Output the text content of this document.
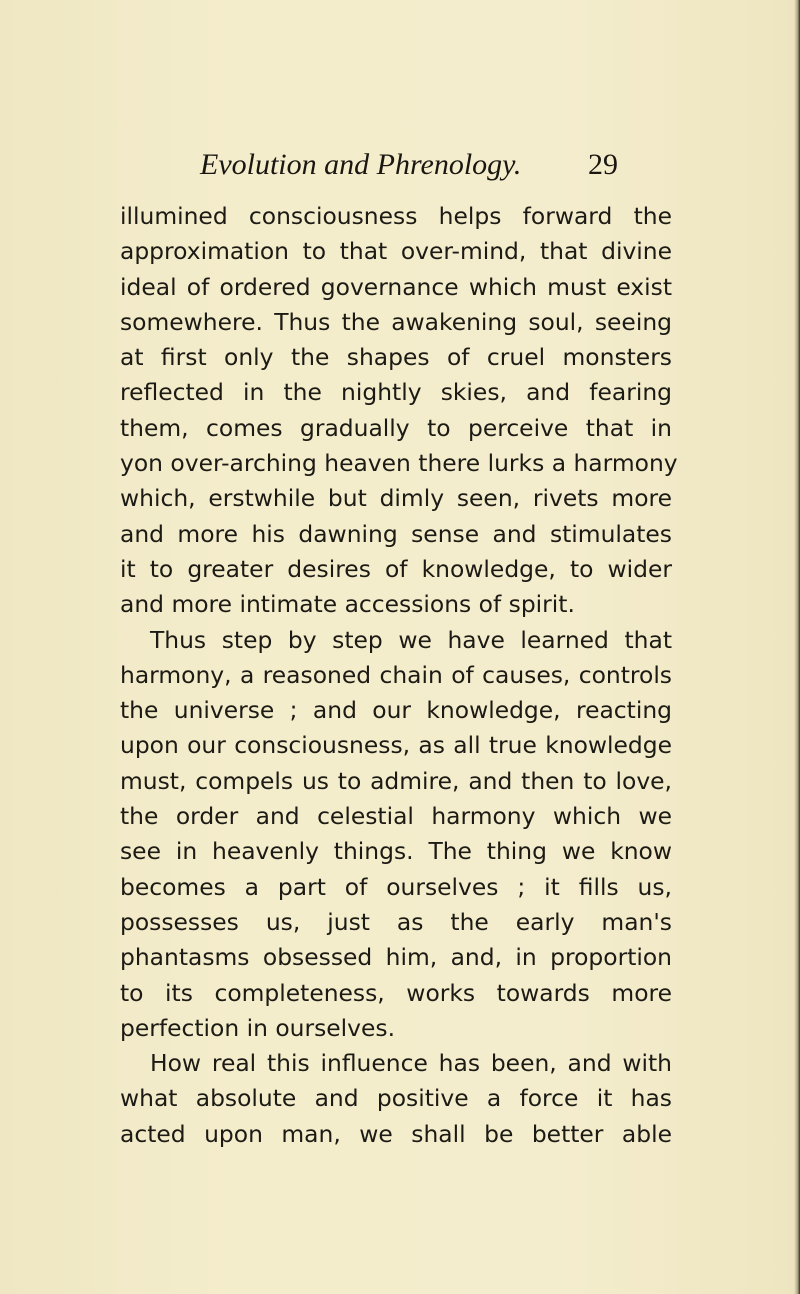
Evolution and Phrenology. 29
illumined consciousness helps forward the
approximation to that over-mind, that divine
ideal of ordered governance which must exist
somewhere. Thus the awakening soul, seeing
at first only the shapes of cruel monsters
reflected in the nightly skies, and fearing
them, comes gradually to perceive that in
yon over-arching heaven there lurks a harmony
which, erstwhile but dimly seen, rivets more
and more his dawning sense and stimulates
it to greater desires of knowledge, to wider
and more intimate accessions of spirit.
Thus step by step we have learned that
harmony, a reasoned chain of causes, controls
the universe ; and our knowledge, reacting
upon our consciousness, as all true knowledge
must, compels us to admire, and then to love,
the order and celestial harmony which we
see in heavenly things. The thing we know
becomes a part of ourselves ; it fills us,
possesses us, just as the early man's
phantasms obsessed him, and, in proportion
to its completeness, works towards more
perfection in ourselves.
How real this influence has been, and with
what absolute and positive a force it has
acted upon man, we shall be better able
